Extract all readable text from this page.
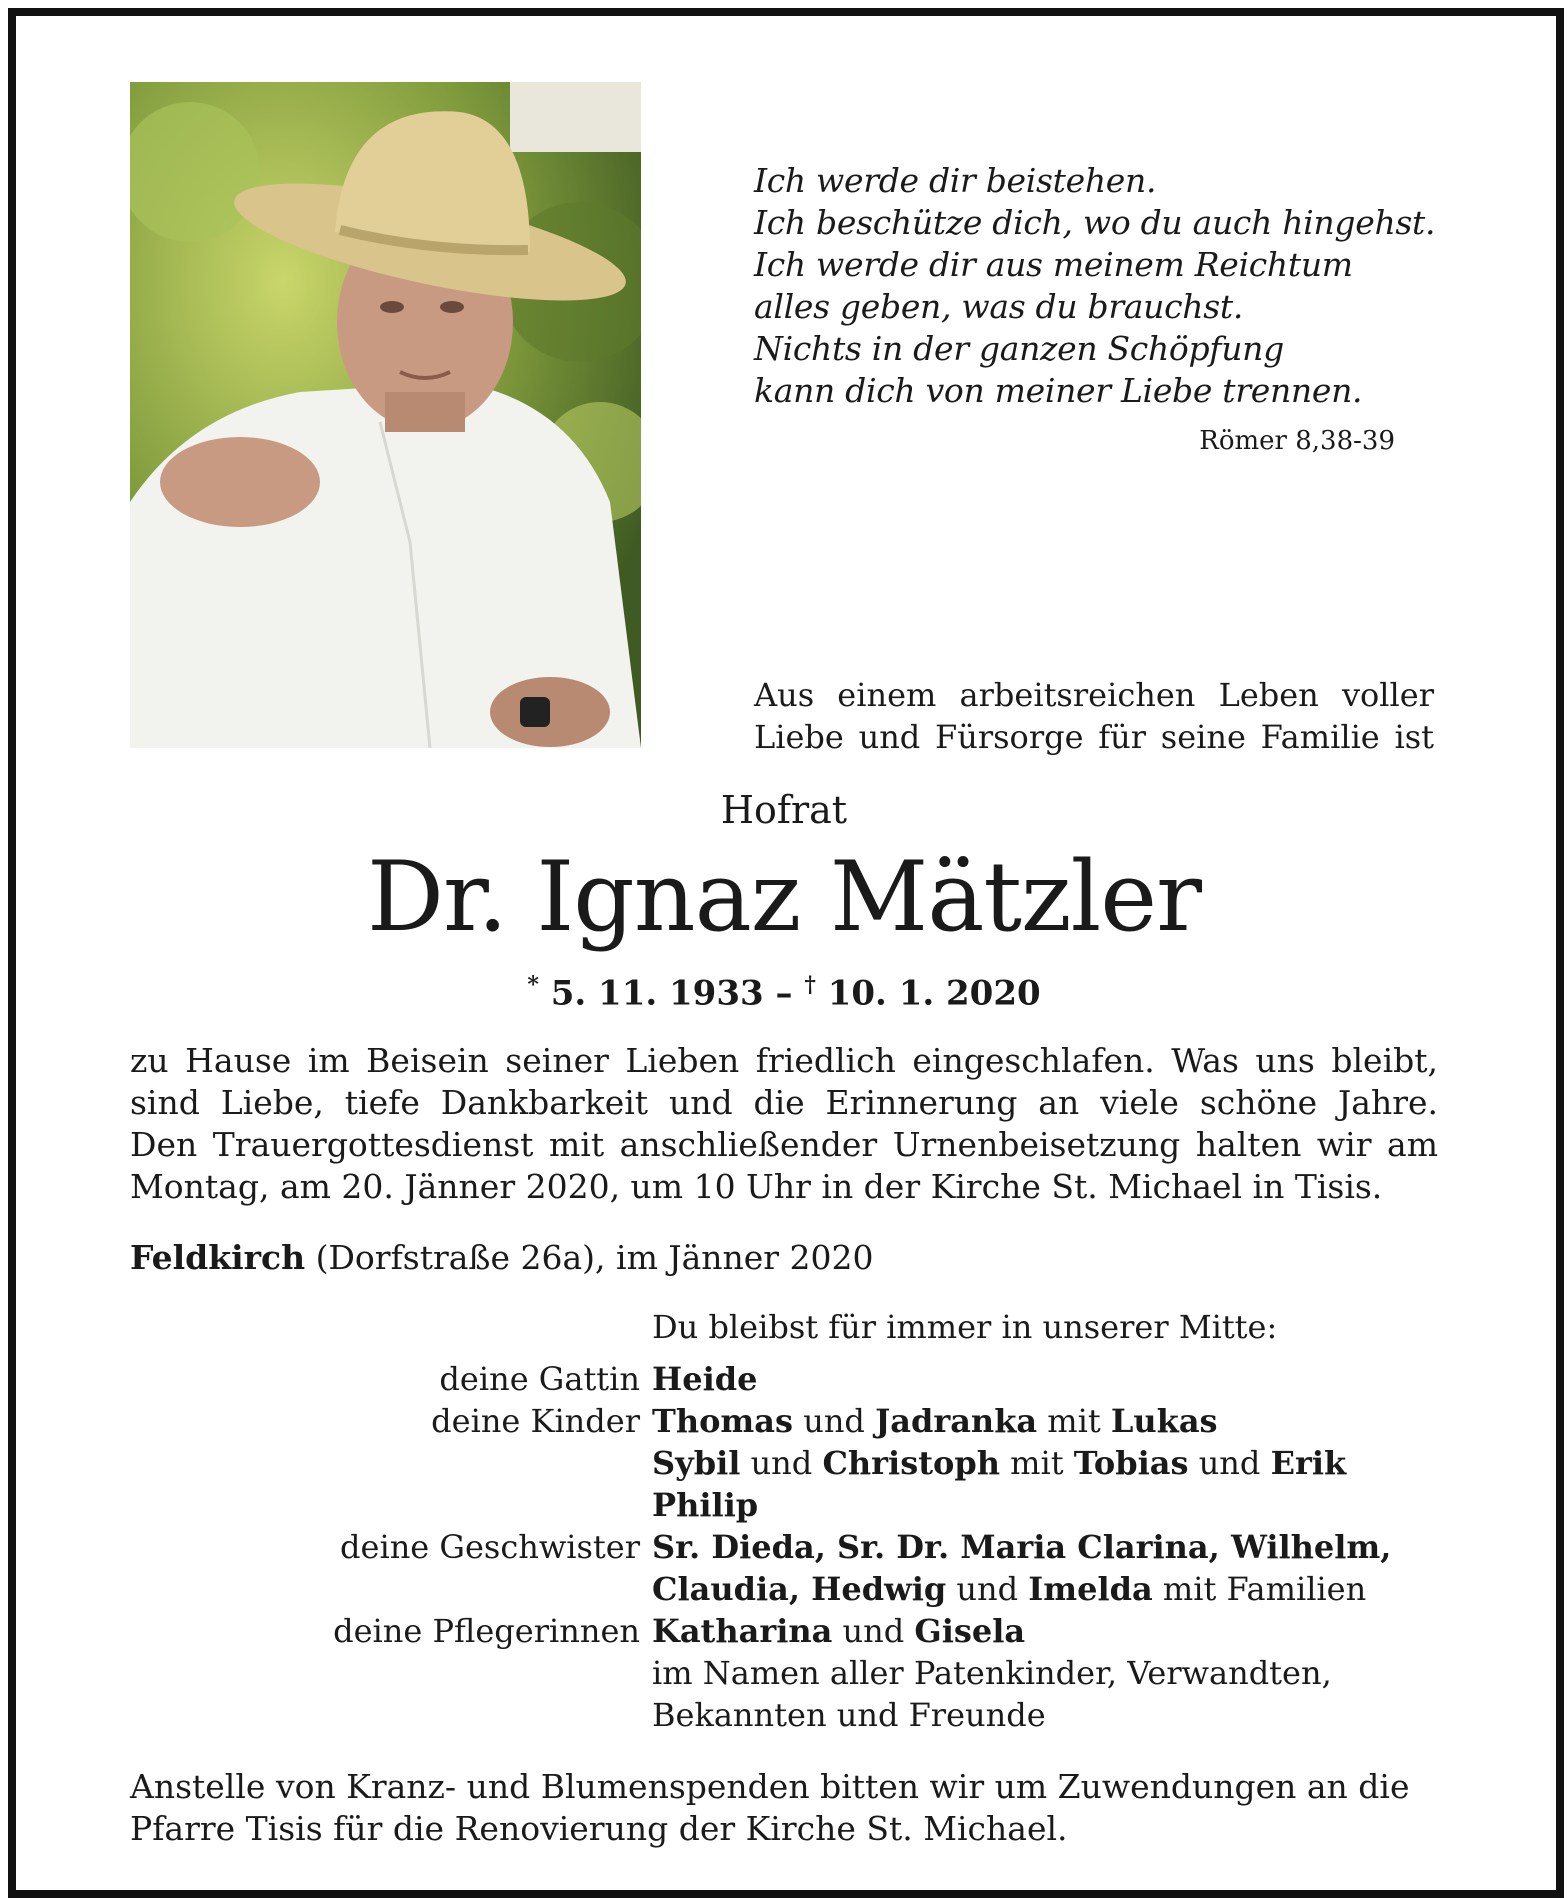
Ich werde dir beistehen.
Ich beschütze dich, wo du auch hingehst.
Ich werde dir aus meinem Reichtum
alles geben, was du brauchst.
Nichts in der ganzen Schöpfung
kann dich von meiner Liebe trennen.
Römer 8,38-39
Aus einem arbeitsreichen Leben voller
Liebe und Fürsorge für seine Familie ist
Hofrat
Dr. Ignaz Mätzler
* 5. 11. 1933 – † 10. 1. 2020
zu Hause im Beisein seiner Lieben friedlich eingeschlafen. Was uns bleibt,
sind Liebe, tiefe Dankbarkeit und die Erinnerung an viele schöne Jahre.
Den Trauergottesdienst mit anschließender Urnenbeisetzung halten wir am
Montag, am 20. Jänner 2020, um 10 Uhr in der Kirche St. Michael in Tisis.
Feldkirch (Dorfstraße 26a), im Jänner 2020
Du bleibst für immer in unserer Mitte:
deine Gattin Heide
deine Kinder Thomas und Jadranka mit Lukas
Sybil und Christoph mit Tobias und Erik
Philip
deine Geschwister Sr. Dieda, Sr. Dr. Maria Clarina, Wilhelm,
Claudia, Hedwig und Imelda mit Familien
deine Pflegerinnen Katharina und Gisela
im Namen aller Patenkinder, Verwandten,
Bekannten und Freunde
Anstelle von Kranz- und Blumenspenden bitten wir um Zuwendungen an die
Pfarre Tisis für die Renovierung der Kirche St. Michael.
